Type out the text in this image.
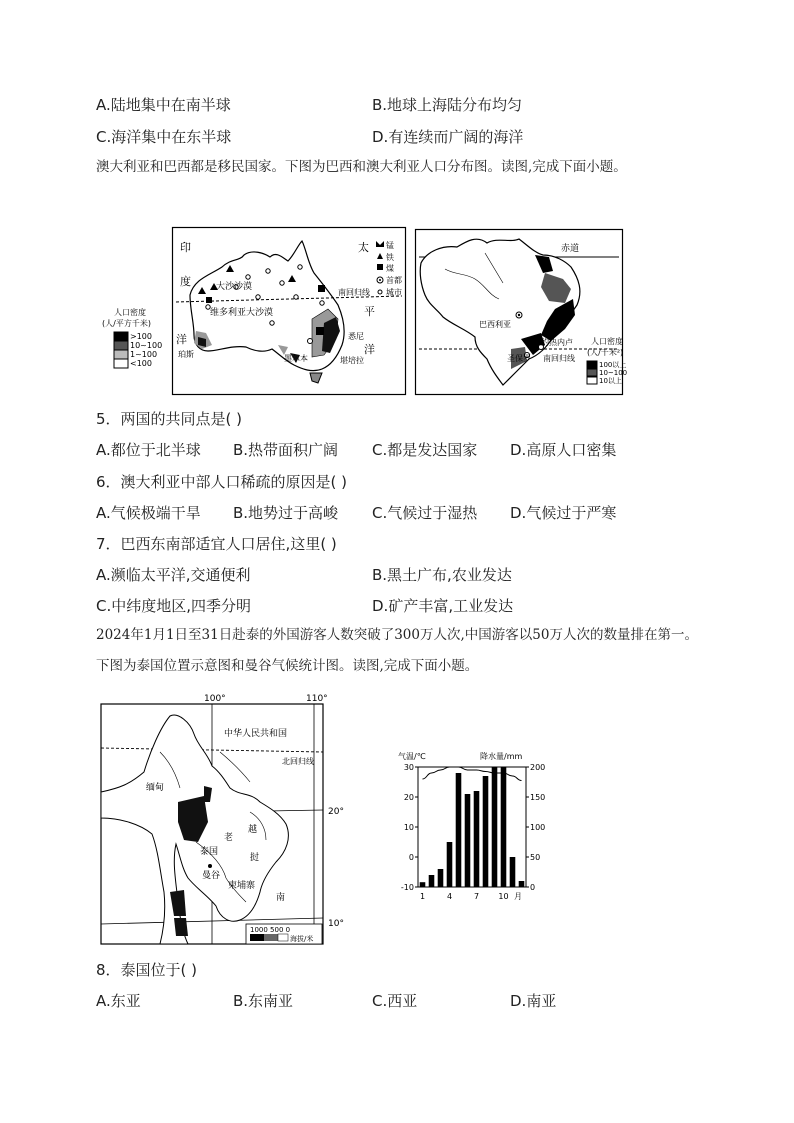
A.陆地集中在南半球	B.地球上海陆分布均匀
C.海洋集中在东半球	D.有连续而广阔的海洋
澳大利亚和巴西都是移民国家。下图为巴西和澳大利亚人口分布图。读图,完成下面小题。
印
度
洋
太
平
洋
大沙沙漠
维多利亚大沙漠
珀斯	墨尔本
悉尼
堪培拉
南回归线
锰
铁
煤
首都
城市
人口密度
(人/平方千米)
>100
10~100
1~100
<100
赤道
巴西利亚
里约热内卢
圣保罗 南回归线
人口密度
(人/千米²)
100以上
10~100
10以上
5．两国的共同点是( )
A.都位于北半球 B.热带面积广阔 C.都是发达国家 D.高原人口密集
6．澳大利亚中部人口稀疏的原因是( )
A.气候极端干旱 B.地势过于高峻 C.气候过于湿热 D.气候过于严寒
7．巴西东南部适宜人口居住,这里( )
A.濒临太平洋,交通便利	B.黑土广布,农业发达
C.中纬度地区,四季分明	D.矿产丰富,工业发达
2024年1月1日至31日赴泰的外国游客人数突破了300万人次,中国游客以50万人次的数量排在第一。下图为泰国位置示意图和曼谷气候统计图。读图,完成下面小题。
100°	110°
中华人民共和国
北回归线
缅甸
老
挝
越
南
泰国
曼谷
柬埔寨
20°
10°
1000 500 0
海拔/米
气温/℃	降水量/mm
30
20
10
0
-10
200
150
100
50
0
1	4	7 10 月
8．泰国位于( )
A.东亚	B.东南亚	C.西亚	D.南亚
